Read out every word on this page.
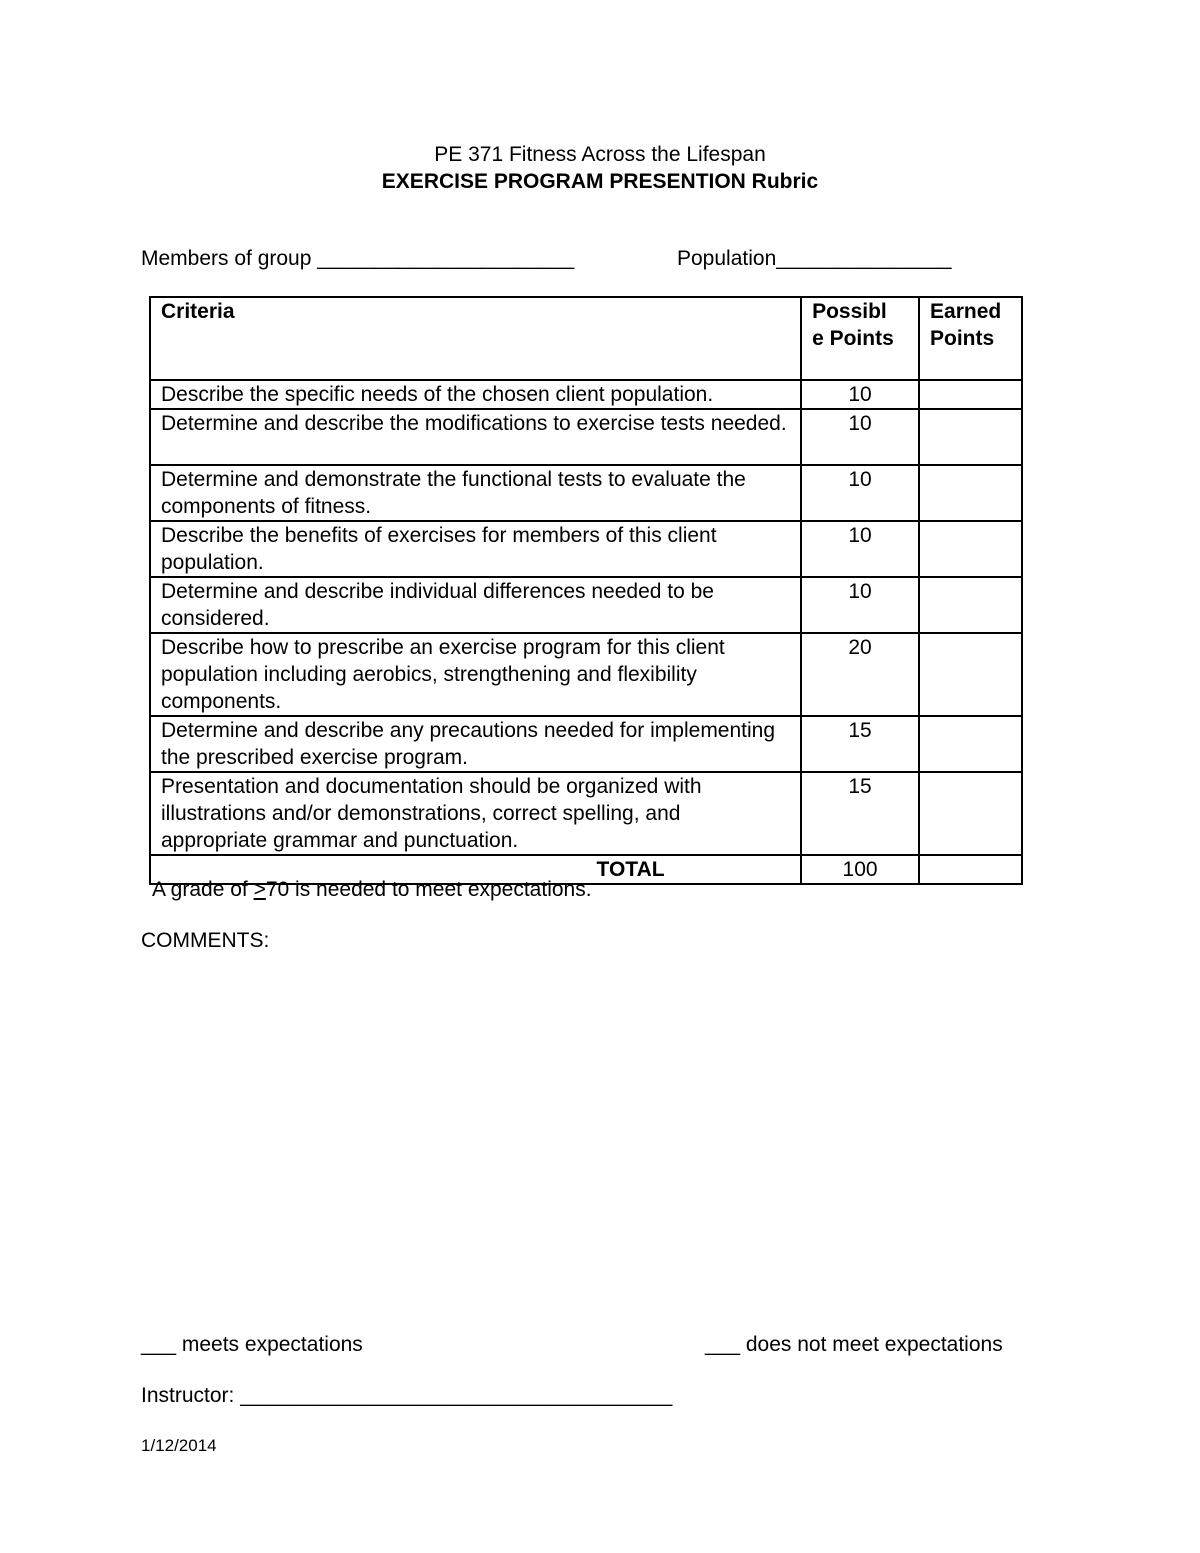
PE 371 Fitness Across the Lifespan
EXERCISE PROGRAM PRESENTION Rubric
Members of group ______________________	Population_______________
Criteria	Possible Points	Earned Points

Describe the specific needs of the chosen client population.	10	
Determine and describe the modifications to exercise tests needed.	10	
Determine and demonstrate the functional tests to evaluate the components of fitness.	10	
Describe the benefits of exercises for members of this client population.	10	
Determine and describe individual differences needed to be considered.	10	
Describe how to prescribe an exercise program for this client population including aerobics, strengthening and flexibility components.	20	
Determine and describe any precautions needed for implementing the prescribed exercise program.	15	
Presentation and documentation should be organized with  illustrations and/or demonstrations, correct spelling, and appropriate grammar and punctuation.	15	
TOTAL	100	
A grade of ≥70 is needed to meet expectations.
COMMENTS:
___ meets expectations	___ does not meet expectations
Instructor: _____________________________________
1/12/2014
